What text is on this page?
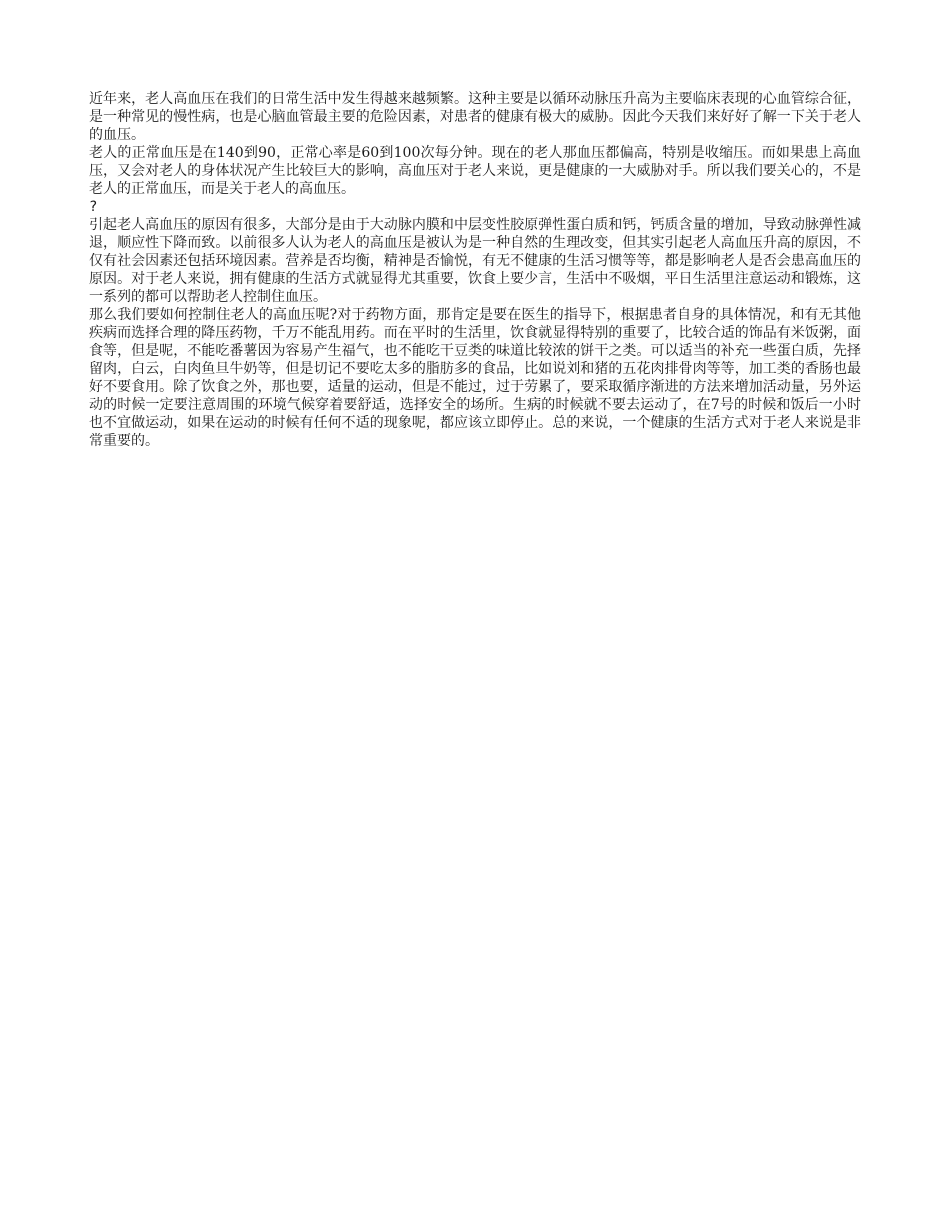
近年来，老人高血压在我们的日常生活中发生得越来越频繁。这种主要是以循环动脉压升高为主要临床表现的心血管综合征，是一种常见的慢性病，也是心脑血管最主要的危险因素，对患者的健康有极大的威胁。因此今天我们来好好了解一下关于老人的血压。

老人的正常血压是在140到90，正常心率是60到100次每分钟。现在的老人那血压都偏高，特别是收缩压。而如果患上高血压，又会对老人的身体状况产生比较巨大的影响，高血压对于老人来说，更是健康的一大威胁对手。所以我们要关心的，不是老人的正常血压，而是关于老人的高血压。

?

引起老人高血压的原因有很多，大部分是由于大动脉内膜和中层变性胶原弹性蛋白质和钙，钙质含量的增加，导致动脉弹性减退，顺应性下降而致。以前很多人认为老人的高血压是被认为是一种自然的生理改变，但其实引起老人高血压升高的原因，不仅有社会因素还包括环境因素。营养是否均衡，精神是否愉悦，有无不健康的生活习惯等等，都是影响老人是否会患高血压的原因。对于老人来说，拥有健康的生活方式就显得尤其重要，饮食上要少言，生活中不吸烟，平日生活里注意运动和锻炼，这一系列的都可以帮助老人控制住血压。

那么我们要如何控制住老人的高血压呢?对于药物方面，那肯定是要在医生的指导下，根据患者自身的具体情况，和有无其他疾病而选择合理的降压药物，千万不能乱用药。而在平时的生活里，饮食就显得特别的重要了，比较合适的饰品有米饭粥，面食等，但是呢，不能吃番薯因为容易产生福气，也不能吃干豆类的味道比较浓的饼干之类。可以适当的补充一些蛋白质，先择留肉，白云，白肉鱼旦牛奶等，但是切记不要吃太多的脂肪多的食品，比如说刘和猪的五花肉排骨肉等等，加工类的香肠也最好不要食用。除了饮食之外，那也要，适量的运动，但是不能过，过于劳累了，要采取循序渐进的方法来增加活动量，另外运动的时候一定要注意周围的环境气候穿着要舒适，选择安全的场所。生病的时候就不要去运动了，在7号的时候和饭后一小时也不宜做运动，如果在运动的时候有任何不适的现象呢，都应该立即停止。总的来说，一个健康的生活方式对于老人来说是非常重要的。
